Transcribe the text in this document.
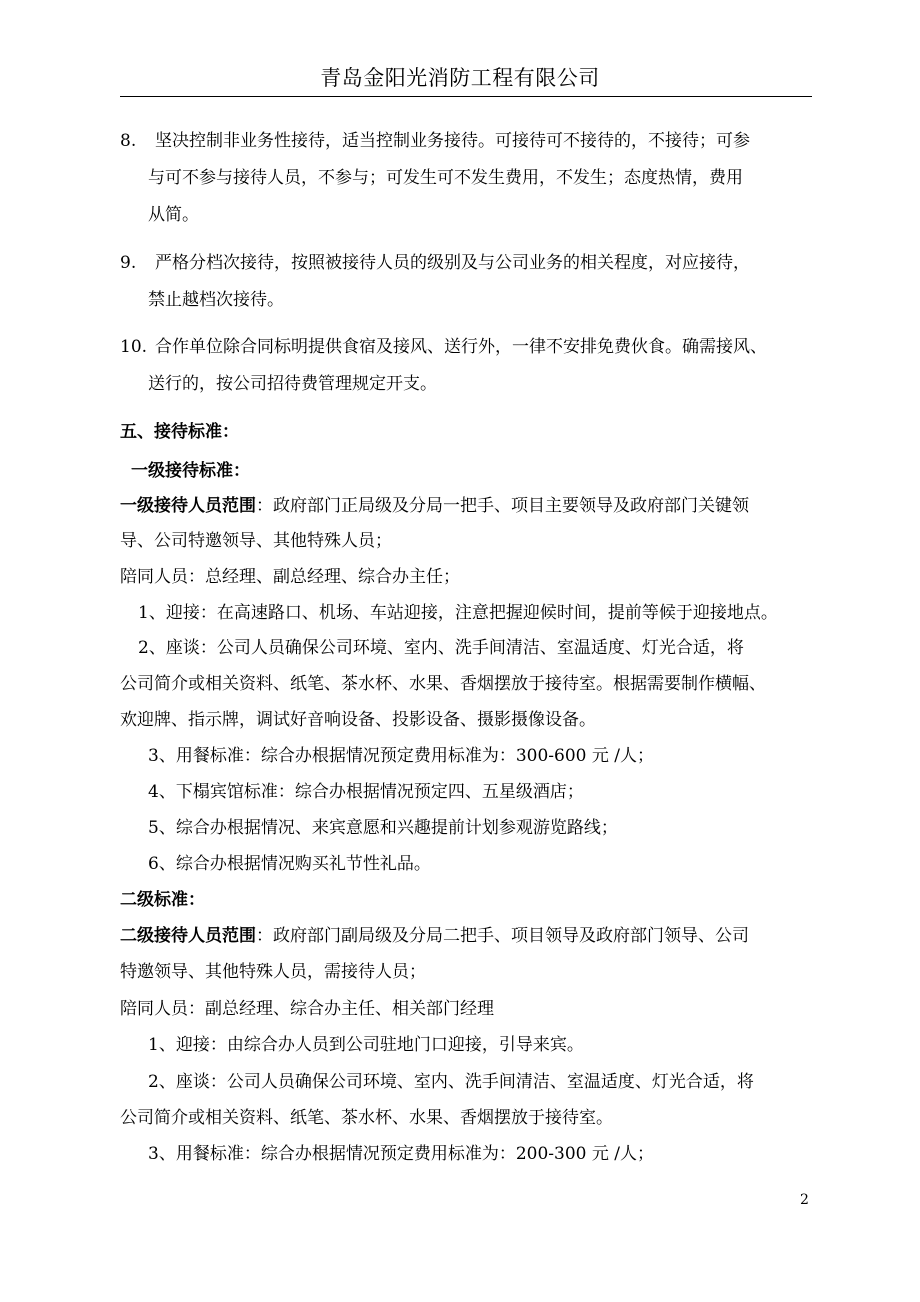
青岛金阳光消防工程有限公司
8. 坚决控制非业务性接待，适当控制业务接待。可接待可不接待的，不接待；可参
与可不参与接待人员，不参与；可发生可不发生费用，不发生；态度热情，费用
从简。
9. 严格分档次接待，按照被接待人员的级别及与公司业务的相关程度，对应接待，
禁止越档次接待。
10. 合作单位除合同标明提供食宿及接风、送行外，一律不安排免费伙食。确需接风、
送行的，按公司招待费管理规定开支。
五、接待标准：
一级接待标准：
一级接待人员范围：政府部门正局级及分局一把手、项目主要领导及政府部门关键领
导、公司特邀领导、其他特殊人员；
陪同人员：总经理、副总经理、综合办主任；
1、迎接：在高速路口、机场、车站迎接，注意把握迎候时间，提前等候于迎接地点。
2、座谈：公司人员确保公司环境、室内、洗手间清洁、室温适度、灯光合适，将
公司简介或相关资料、纸笔、茶水杯、水果、香烟摆放于接待室。根据需要制作横幅、
欢迎牌、指示牌，调试好音响设备、投影设备、摄影摄像设备。
3、用餐标准：综合办根据情况预定费用标准为：300-600 元 /人；
4、下榻宾馆标准：综合办根据情况预定四、五星级酒店；
5、综合办根据情况、来宾意愿和兴趣提前计划参观游览路线；
6、综合办根据情况购买礼节性礼品。
二级标准：
二级接待人员范围：政府部门副局级及分局二把手、项目领导及政府部门领导、公司
特邀领导、其他特殊人员，需接待人员；
陪同人员：副总经理、综合办主任、相关部门经理
1、迎接：由综合办人员到公司驻地门口迎接，引导来宾。
2、座谈：公司人员确保公司环境、室内、洗手间清洁、室温适度、灯光合适，将
公司简介或相关资料、纸笔、茶水杯、水果、香烟摆放于接待室。
3、用餐标准：综合办根据情况预定费用标准为：200-300 元 /人；
2
